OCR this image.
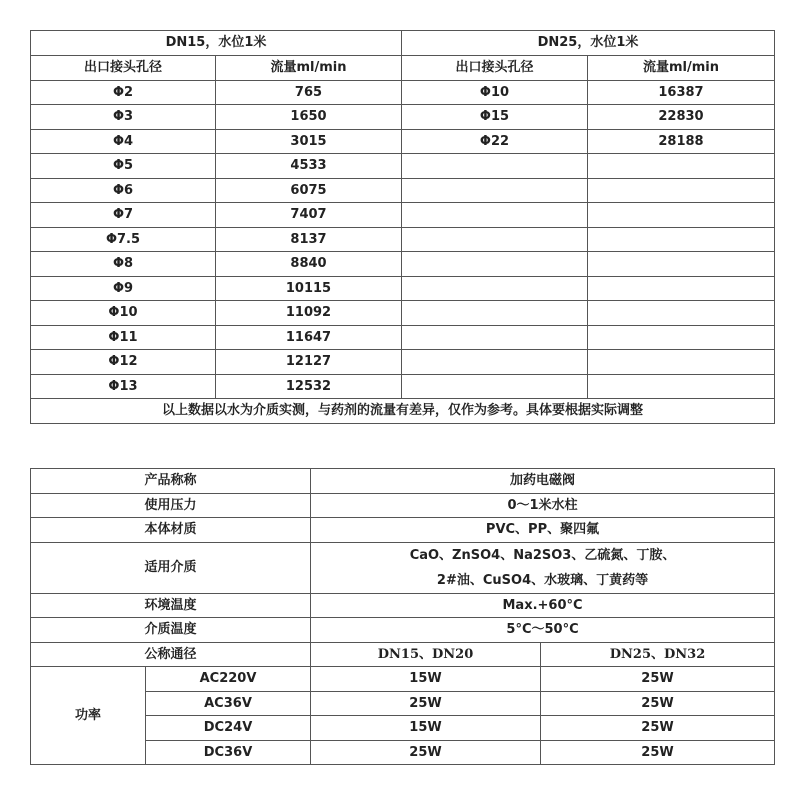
DN15，水位1米		DN25，水位1米	
出口接头孔径	流量ml/min	出口接头孔径	流量ml/min
Φ2	765	Φ10	16387
Φ3	1650	Φ15	22830
Φ4	3015	Φ22	28188
Φ5	4533		
Φ6	6075		
Φ7	7407		
Φ7.5	8137		
Φ8	8840		
Φ9	10115		
Φ10	11092		
Φ11	11647		
Φ12	12127		
Φ13	12532		
以上数据以水为介质实测，与药剂的流量有差异，仅作为参考。具体要根据实际调整			
产品称称		加药电磁阀	
使用压力		0～1米水柱	
本体材质		PVC、PP、聚四氟	
适用介质		CaO、ZnSO4、Na2SO3、乙硫氮、丁胺、
2#油、CuSO4、水玻璃、丁黄药等	

环境温度		Max.+60°C	
介质温度		5°C～50°C	
公称通径		DN15、DN20	DN25、DN32
功率	AC220V	15W	25W
	AC36V	25W	25W
	DC24V	15W	25W
	DC36V	25W	25W
